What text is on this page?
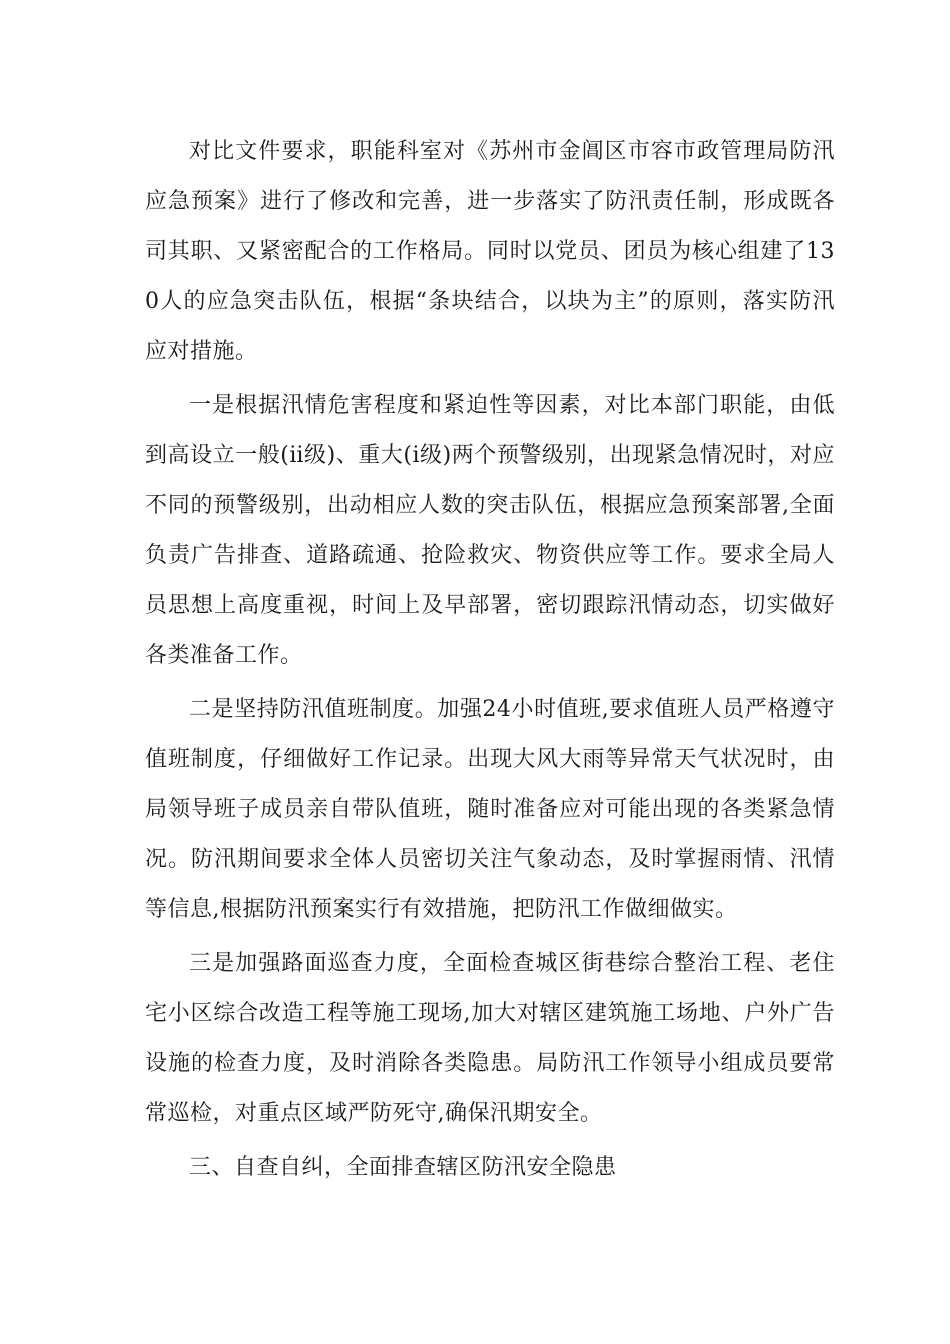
对比文件要求，职能科室对《苏州市金阊区市容市政管理局防汛应急预案》进行了修改和完善，进一步落实了防汛责任制，形成既各司其职、又紧密配合的工作格局。同时以党员、团员为核心组建了130人的应急突击队伍，根据“条块结合，以块为主”的原则，落实防汛应对措施。

一是根据汛情危害程度和紧迫性等因素，对比本部门职能，由低到高设立一般(ⅱ级)、重大(ⅰ级)两个预警级别，出现紧急情况时，对应不同的预警级别，出动相应人数的突击队伍，根据应急预案部署,全面负责广告排查、道路疏通、抢险救灾、物资供应等工作。要求全局人员思想上高度重视，时间上及早部署，密切跟踪汛情动态，切实做好各类准备工作。

二是坚持防汛值班制度。加强24小时值班,要求值班人员严格遵守值班制度，仔细做好工作记录。出现大风大雨等异常天气状况时，由局领导班子成员亲自带队值班，随时准备应对可能出现的各类紧急情况。防汛期间要求全体人员密切关注气象动态，及时掌握雨情、汛情等信息,根据防汛预案实行有效措施，把防汛工作做细做实。

三是加强路面巡查力度，全面检查城区街巷综合整治工程、老住宅小区综合改造工程等施工现场,加大对辖区建筑施工场地、户外广告设施的检查力度，及时消除各类隐患。局防汛工作领导小组成员要常常巡检，对重点区域严防死守,确保汛期安全。

三、自查自纠，全面排查辖区防汛安全隐患
